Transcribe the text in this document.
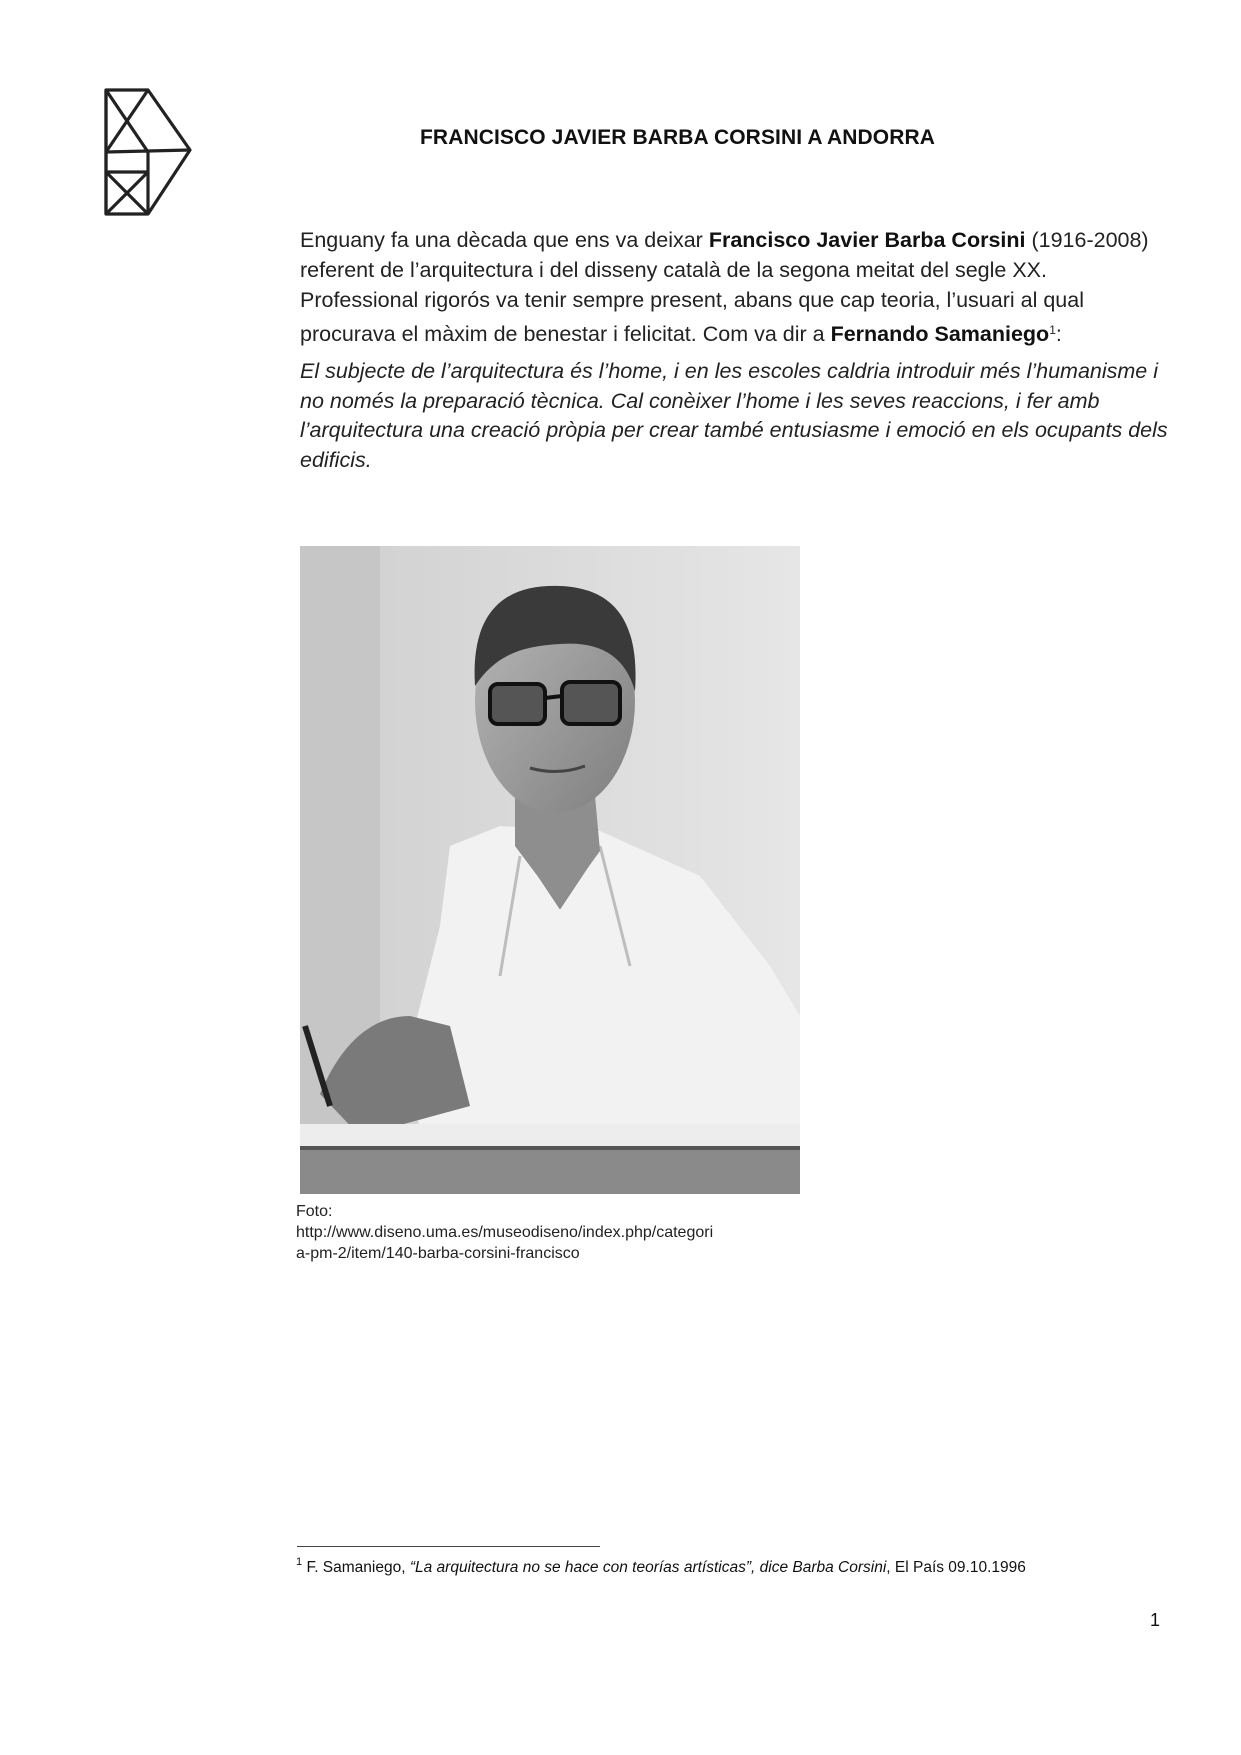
FRANCISCO JAVIER BARBA CORSINI A ANDORRA

Enguany fa una dècada que ens va deixar Francisco Javier Barba Corsini (1916-2008) referent de l’arquitectura i del disseny català de la segona meitat del segle XX. Professional rigorós va tenir sempre present, abans que cap teoria, l’usuari al qual procurava el màxim de benestar i felicitat. Com va dir a Fernando Samaniego$^1$:

El subjecte de l’arquitectura és l’home, i en les escoles caldria introduir més l’humanisme i no només la preparació tècnica. Cal conèixer l’home i les seves reaccions, i fer amb l’arquitectura una creació pròpia per crear també entusiasme i emoció en els ocupants dels edificis.

Foto:
http://www.diseno.uma.es/museodiseno/index.php/categori
a-pm-2/item/140-barba-corsini-francisco
$^1$ F. Samaniego, “La arquitectura no se hace con teorías artísticas”, dice Barba Corsini, El País 09.10.1996
1
